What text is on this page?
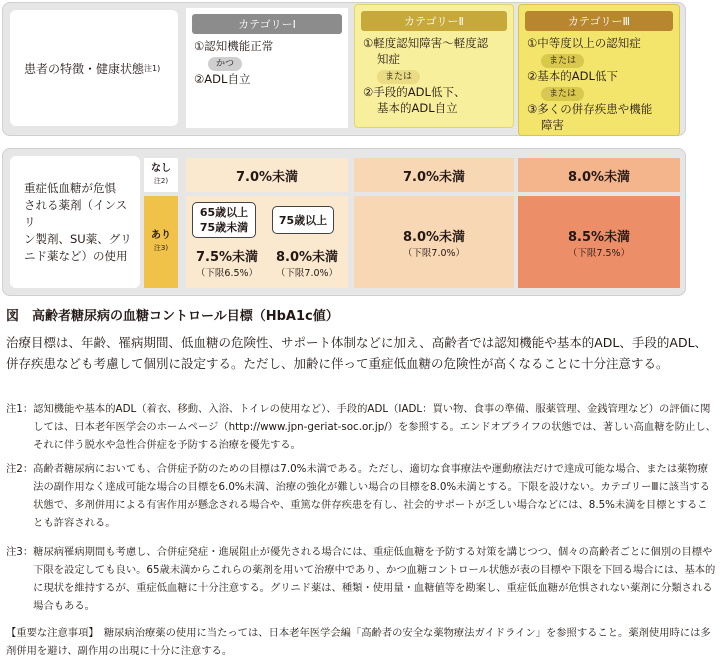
患者の特徴・健康状態 注1)
カテゴリーⅠ
①認知機能正常
かつ
②ADL自立
カテゴリーⅡ
①軽度認知障害〜軽度認
知症
または
②手段的ADL低下、
基本的ADL自立
カテゴリーⅢ
①中等度以上の認知症
または
②基本的ADL低下
または
③多くの併存疾患や機能
障害
重症低血糖が危惧
される薬剤（インスリ
ン製剤、SU薬、グリ
ニド薬など）の使用
なし
注2)
あり
注3)
7.0%未満
65歳以上
75歳未満
75歳以上
7.5%未満
（下限6.5%）
8.0%未満
（下限7.0%）
7.0%未満
8.0%未満
（下限7.0%）
8.0%未満
8.5%未満
（下限7.5%）
図　高齢者糖尿病の血糖コントロール目標（HbA1c値）
治療目標は、年齢、罹病期間、低血糖の危険性、サポート体制などに加え、高齢者では認知機能や基本的ADL、手段的ADL、併存疾患なども考慮して個別に設定する。ただし、加齢に伴って重症低血糖の危険性が高くなることに十分注意する。
注1： 認知機能や基本的ADL（着衣、移動、入浴、トイレの使用など）、手段的ADL（IADL：買い物、食事の準備、服薬管理、金銭管理など）の評価に関しては、日本老年医学会のホームページ（http://www.jpn-geriat-soc.or.jp/）を参照する。エンドオブライフの状態では、著しい高血糖を防止し、それに伴う脱水や急性合併症を予防する治療を優先する。
注2： 高齢者糖尿病においても、合併症予防のための目標は7.0%未満である。ただし、適切な食事療法や運動療法だけで達成可能な場合、または薬物療法の副作用なく達成可能な場合の目標を6.0%未満、治療の強化が難しい場合の目標を8.0%未満とする。下限を設けない。カテゴリーⅢに該当する状態で、多剤併用による有害作用が懸念される場合や、重篤な併存疾患を有し、社会的サポートが乏しい場合などには、8.5%未満を目標とすることも許容される。
注3： 糖尿病罹病期間も考慮し、合併症発症・進展阻止が優先される場合には、重症低血糖を予防する対策を講じつつ、個々の高齢者ごとに個別の目標や下限を設定しても良い。65歳未満からこれらの薬剤を用いて治療中であり、かつ血糖コントロール状態が表の目標や下限を下回る場合には、基本的に現状を維持するが、重症低血糖に十分注意する。グリニド薬は、種類・使用量・血糖値等を勘案し、重症低血糖が危惧されない薬剤に分類される場合もある。
【重要な注意事項】　糖尿病治療薬の使用に当たっては、日本老年医学会編「高齢者の安全な薬物療法ガイドライン」を参照すること。薬剤使用時には多剤併用を避け、副作用の出現に十分に注意する。
